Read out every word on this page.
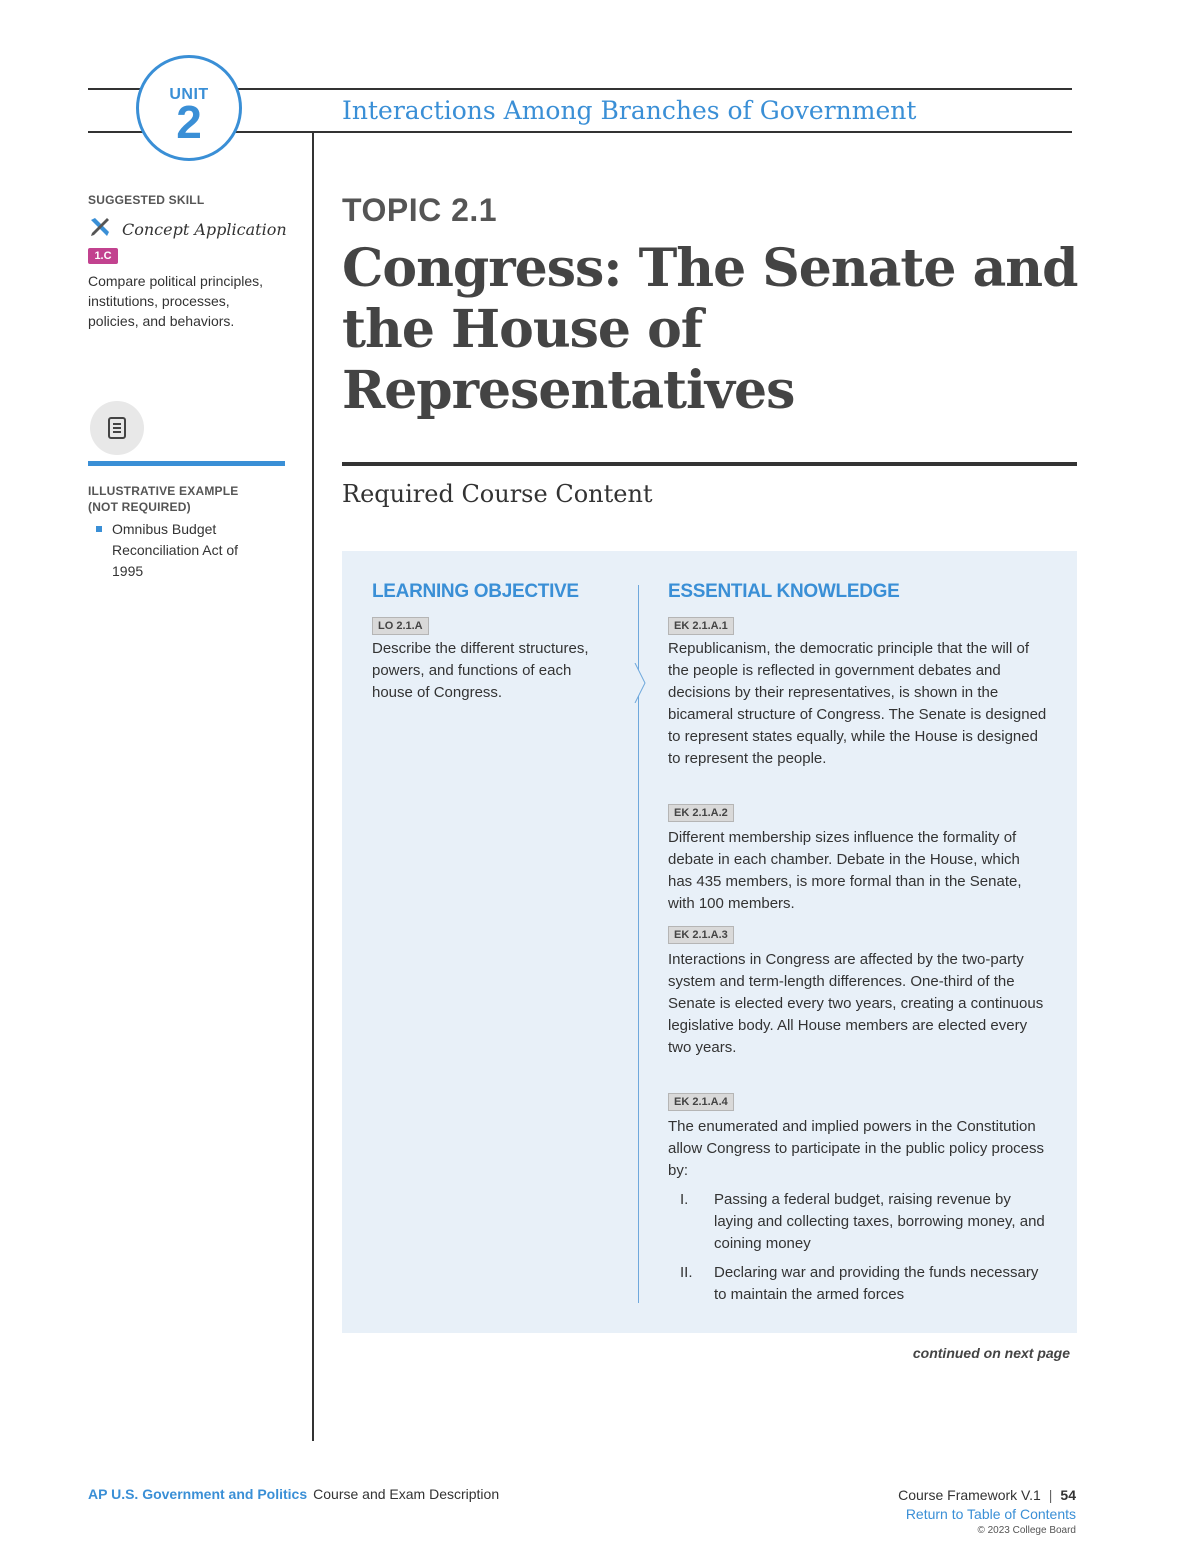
UNIT
2	Interactions Among Branches of Government
SUGGESTED SKILL
Concept Application
1.C
Compare political principles, institutions, processes, policies, and behaviors.
ILLUSTRATIVE EXAMPLE
(NOT REQUIRED)
Omnibus Budget Reconciliation Act of 1995
TOPIC 2.1
Congress: The Senate and the House of Representatives
Required Course Content
LEARNING OBJECTIVE	ESSENTIAL KNOWLEDGE
LO 2.1.A
Describe the different structures, powers, and functions of each house of Congress.
EK 2.1.A.1
Republicanism, the democratic principle that the will of the people is reflected in government debates and decisions by their representatives, is shown in the bicameral structure of Congress. The Senate is designed to represent states equally, while the House is designed to represent the people.
EK 2.1.A.2
Different membership sizes influence the formality of debate in each chamber. Debate in the House, which has 435 members, is more formal than in the Senate, with 100 members.
EK 2.1.A.3
Interactions in Congress are affected by the two-party system and term-length differences. One-third of the Senate is elected every two years, creating a continuous legislative body. All House members are elected every two years.
EK 2.1.A.4
The enumerated and implied powers in the Constitution allow Congress to participate in the public policy process by:
I.	Passing a federal budget, raising revenue by laying and collecting taxes, borrowing money, and coining money
II.	Declaring war and providing the funds necessary to maintain the armed forces
continued on next page
AP U.S. Government and Politics Course and Exam Description	Course Framework V.1 | 54
Return to Table of Contents
© 2023 College Board
